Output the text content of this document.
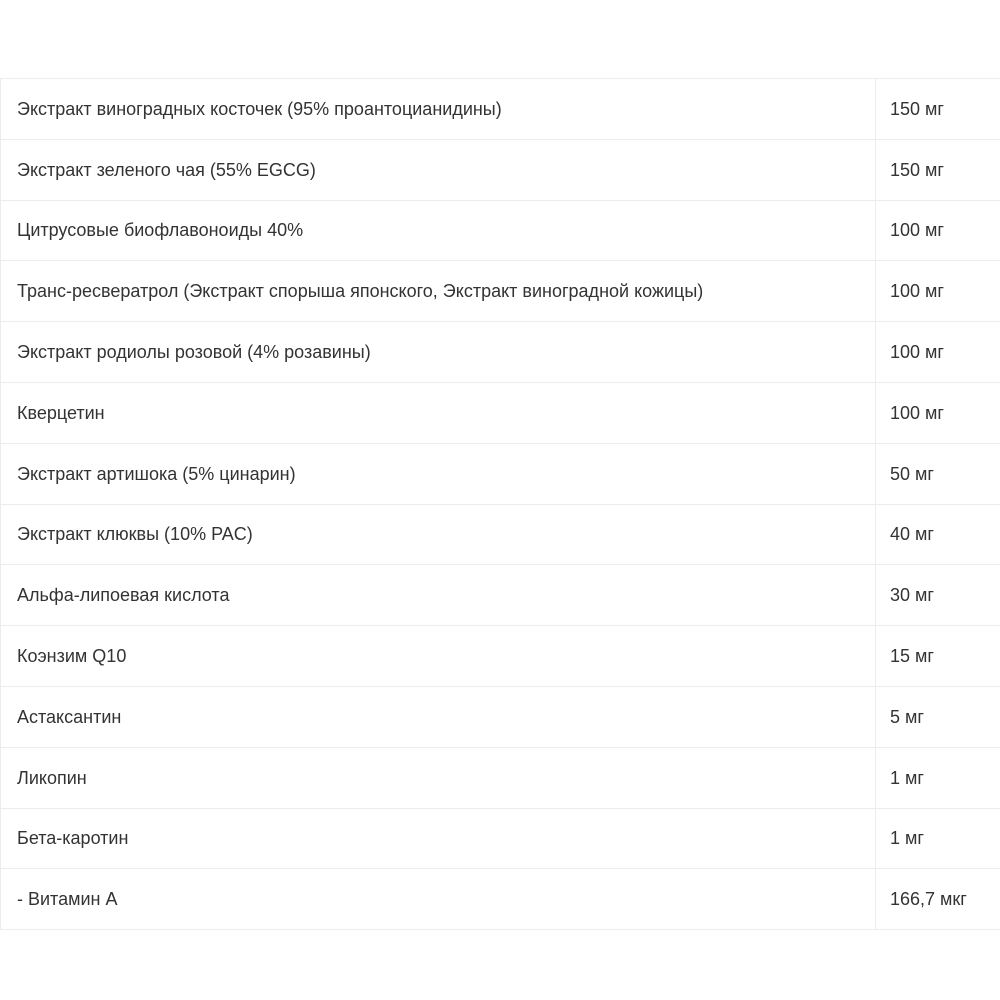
Экстракт виноградных косточек (95% проантоцианидины)	150 мг
Экстракт зеленого чая (55% EGCG)	150 мг
Цитрусовые биофлавоноиды 40%	100 мг
Транс-ресвератрол (Экстракт спорыша японского, Экстракт виноградной кожицы)	100 мг
Экстракт родиолы розовой (4% розавины)	100 мг
Кверцетин	100 мг
Экстракт артишока (5% цинарин)	50 мг
Экстракт клюквы (10% PAC)	40 мг
Альфа-липоевая кислота	30 мг
Коэнзим Q10	15 мг
Астаксантин	5 мг
Ликопин	1 мг
Бета-каротин	1 мг
- Витамин А	166,7 мкг
